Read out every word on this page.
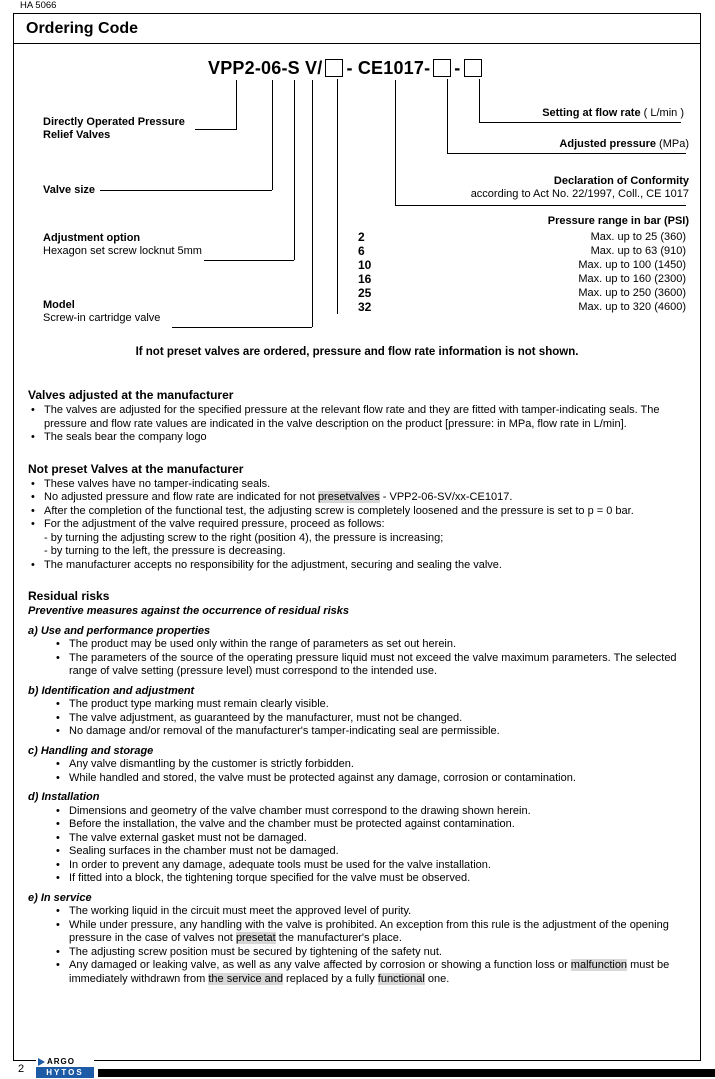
HA 5066
Ordering Code
VPP2-06-S V/ - CE1017- -
Directly Operated Pressure
Relief Valves
Valve size
Adjustment option
Hexagon set screw locknut 5mm
Model
Screw-in cartridge valve
Setting at flow rate ( L/min )
Adjusted pressure (MPa)
Declaration of Conformity
according to Act No. 22/1997, Coll., CE 1017
Pressure range in bar (PSI)
2	Max. up to 25 (360)
6	Max. up to 63 (910)
10	Max. up to 100 (1450)
16	Max. up to 160 (2300)
25	Max. up to 250 (3600)
32	Max. up to 320 (4600)
If not preset valves are ordered, pressure and flow rate information is not shown.
Valves adjusted at the manufacturer
• The valves are adjusted for the specified pressure at the relevant flow rate and they are fitted with tamper-indicating seals. The pressure and flow rate values are indicated in the valve description on the product [pressure: in MPa, flow rate in L/min].
• The seals bear the company logo
Not preset Valves at the manufacturer
• These valves have no tamper-indicating seals.
• No adjusted pressure and flow rate are indicated for not presetvalves - VPP2-06-SV/xx-CE1017.
• After the completion of the functional test, the adjusting screw is completely loosened and the pressure is set to p = 0 bar.
• For the adjustment of the valve required pressure, proceed as follows:
- by turning the adjusting screw to the right (position 4), the pressure is increasing;
- by turning to the left, the pressure is decreasing.
• The manufacturer accepts no responsibility for the adjustment, securing and sealing the valve.
Residual risks
Preventive measures against the occurrence of residual risks
a) Use and performance properties
• The product may be used only within the range of parameters as set out herein.
• The parameters of the source of the operating pressure liquid must not exceed the valve maximum parameters. The selected range of valve setting (pressure level) must correspond to the intended use.
b) Identification and adjustment
• The product type marking must remain clearly visible.
• The valve adjustment, as guaranteed by the manufacturer, must not be changed.
• No damage and/or removal of the manufacturer's tamper-indicating seal are permissible.
c) Handling and storage
• Any valve dismantling by the customer is strictly forbidden.
• While handled and stored, the valve must be protected against any damage, corrosion or contamination.
d) Installation
• Dimensions and geometry of the valve chamber must correspond to the drawing shown herein.
• Before the installation, the valve and the chamber must be protected against contamination.
• The valve external gasket must not be damaged.
• Sealing surfaces in the chamber must not be damaged.
• In order to prevent any damage, adequate tools must be used for the valve installation.
• If fitted into a block, the tightening torque specified for the valve must be observed.
e) In service
• The working liquid in the circuit must meet the approved level of purity.
• While under pressure, any handling with the valve is prohibited. An exception from this rule is the adjustment of the opening pressure in the case of valves not presetat the manufacturer's place.
• The adjusting screw position must be secured by tightening of the safety nut.
• Any damaged or leaking valve, as well as any valve affected by corrosion or showing a function loss or malfunction must be immediately withdrawn from the service and replaced by a fully functional one.
2
ARGO
HYTOS
